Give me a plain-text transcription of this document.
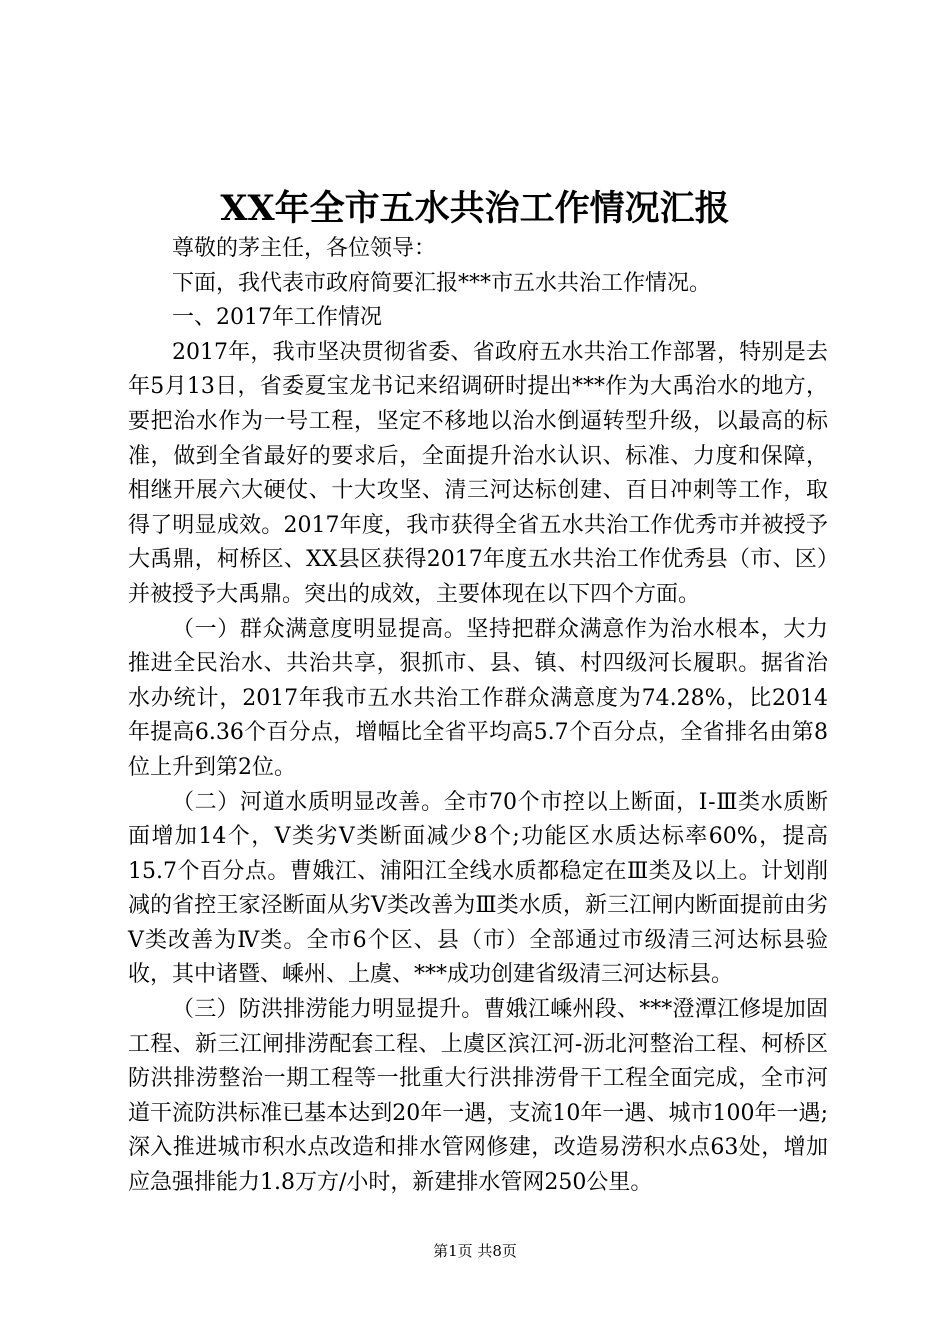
XX年全市五水共治工作情况汇报

尊敬的茅主任，各位领导：

下面，我代表市政府简要汇报***市五水共治工作情况。

一、2017年工作情况

2017年，我市坚决贯彻省委、省政府五水共治工作部署，特别是去年5月13日，省委夏宝龙书记来绍调研时提出***作为大禹治水的地方，要把治水作为一号工程，坚定不移地以治水倒逼转型升级，以最高的标准，做到全省最好的要求后，全面提升治水认识、标准、力度和保障，相继开展六大硬仗、十大攻坚、清三河达标创建、百日冲刺等工作，取得了明显成效。2017年度，我市获得全省五水共治工作优秀市并被授予大禹鼎，柯桥区、XX县区获得2017年度五水共治工作优秀县（市、区）并被授予大禹鼎。突出的成效，主要体现在以下四个方面。

（一）群众满意度明显提高。坚持把群众满意作为治水根本，大力推进全民治水、共治共享，狠抓市、县、镇、村四级河长履职。据省治水办统计，2017年我市五水共治工作群众满意度为74.28%，比2014年提高6.36个百分点，增幅比全省平均高5.7个百分点，全省排名由第8位上升到第2位。

（二）河道水质明显改善。全市70个市控以上断面，Ⅰ-Ⅲ类水质断面增加14个，Ⅴ类劣Ⅴ类断面减少8个;功能区水质达标率60%，提高15.7个百分点。曹娥江、浦阳江全线水质都稳定在Ⅲ类及以上。计划削减的省控王家泾断面从劣Ⅴ类改善为Ⅲ类水质，新三江闸内断面提前由劣Ⅴ类改善为Ⅳ类。全市6个区、县（市）全部通过市级清三河达标县验收，其中诸暨、嵊州、上虞、***成功创建省级清三河达标县。

（三）防洪排涝能力明显提升。曹娥江嵊州段、***澄潭江修堤加固工程、新三江闸排涝配套工程、上虞区滨江河-沥北河整治工程、柯桥区防洪排涝整治一期工程等一批重大行洪排涝骨干工程全面完成，全市河道干流防洪标准已基本达到20年一遇，支流10年一遇、城市100年一遇;深入推进城市积水点改造和排水管网修建，改造易涝积水点63处，增加应急强排能力1.8万方/小时，新建排水管网250公里。

第1页 共8页
